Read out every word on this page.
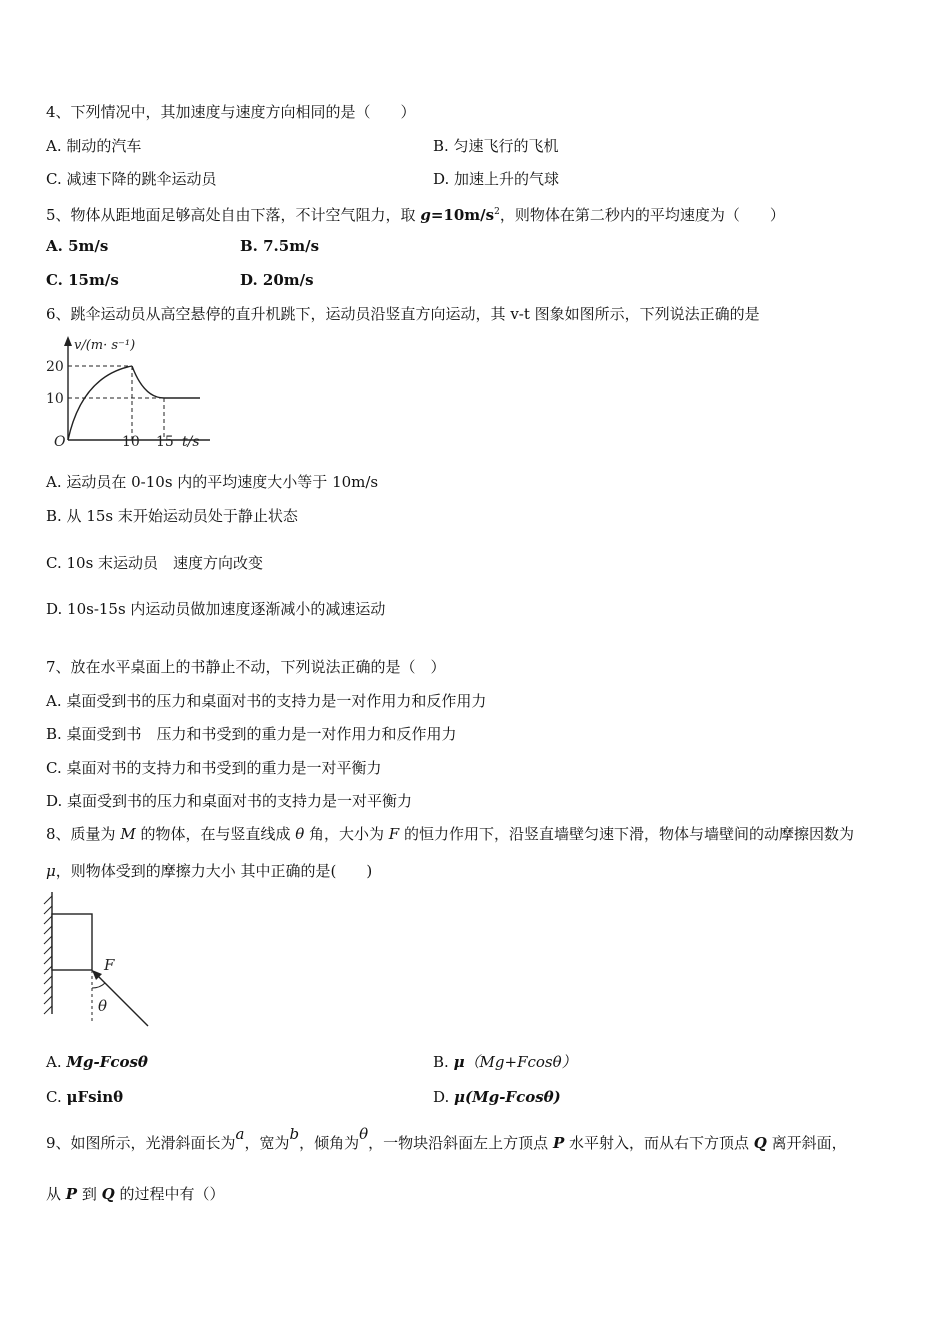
4、下列情况中，其加速度与速度方向相同的是（　　）
A. 制动的汽车	B. 匀速飞行的飞机
C. 减速下降的跳伞运动员	D. 加速上升的气球
5、物体从距地面足够高处自由下落，不计空气阻力，取 $g=10m/s^2$，则物体在第二秒内的平均速度为（　　）
A. 5m/s	B. 7.5m/s
C. 15m/s	D. 20m/s
6、跳伞运动员从高空悬停的直升机跳下，运动员沿竖直方向运动，其 v-t 图象如图所示，下列说法正确的是
v/(m· s⁻¹)
20
10
O	10 15 t/s
A. 运动员在 0-10s 内的平均速度大小等于 10m/s
B. 从 15s 末开始运动员处于静止状态
C. 10s 末运动员　速度方向改变
D. 10s-15s 内运动员做加速度逐渐减小的减速运动
7、放在水平桌面上的书静止不动，下列说法正确的是（　）
A. 桌面受到书的压力和桌面对书的支持力是一对作用力和反作用力
B. 桌面受到书　压力和书受到的重力是一对作用力和反作用力
C. 桌面对书的支持力和书受到的重力是一对平衡力
D. 桌面受到书的压力和桌面对书的支持力是一对平衡力
8、质量为 M 的物体，在与竖直线成 θ 角，大小为 F 的恒力作用下，沿竖直墙壁匀速下滑，物体与墙壁间的动摩擦因数为
μ，则物体受到的摩擦力大小 其中正确的是(　　)
F
θ
A. Mg-Fcosθ	B. μ（Mg+Fcosθ）
C. μFsinθ	D. μ(Mg-Fcosθ)
9、如图所示，光滑斜面长为a，宽为b，倾角为θ，一物块沿斜面左上方顶点 P 水平射入，而从右下方顶点 Q 离开斜面，
从 P 到 Q 的过程中有（）
